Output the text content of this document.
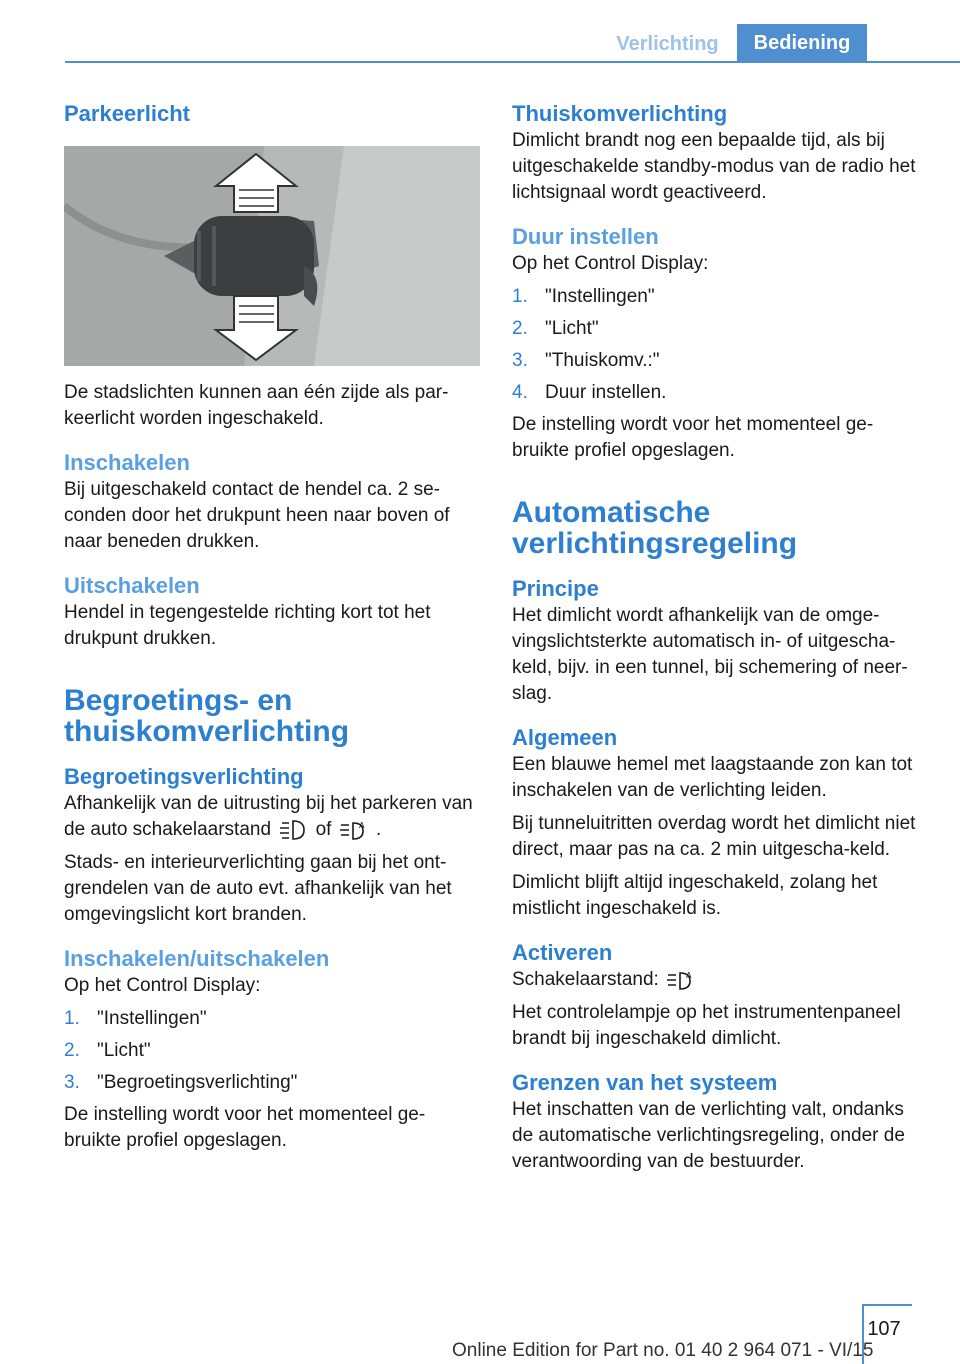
Verlichting	Bediening
Parkeerlicht

De stadslichten kunnen aan één zijde als par-keerlicht worden ingeschakeld.

Inschakelen

Bij uitgeschakeld contact de hendel ca. 2 se-conden door het drukpunt heen naar boven of naar beneden drukken.

Uitschakelen

Hendel in tegengestelde richting kort tot het drukpunt drukken.

Begroetings- en thuiskomverlichting
Begroetingsverlichting

Afhankelijk van de uitrusting bij het parkeren van de auto schakelaarstand of	A .

Stads- en interieurverlichting gaan bij het ont-grendelen van de auto evt. afhankelijk van het omgevingslicht kort branden.

Inschakelen/uitschakelen

Op het Control Display:

1. "Instellingen"
2. "Licht"
3. "Begroetingsverlichting"

De instelling wordt voor het momenteel ge-bruikte profiel opgeslagen.

Thuiskomverlichting

Dimlicht brandt nog een bepaalde tijd, als bij uitgeschakelde standby-modus van de radio het lichtsignaal wordt geactiveerd.

Duur instellen

Op het Control Display:

1. "Instellingen"
2. "Licht"
3. "Thuiskomv.:"
4. Duur instellen.

De instelling wordt voor het momenteel ge-bruikte profiel opgeslagen.

Automatische verlichtingsregeling
Principe

Het dimlicht wordt afhankelijk van de omge-vingslichtsterkte automatisch in- of uitgescha-keld, bijv. in een tunnel, bij schemering of neer-slag.

Algemeen

Een blauwe hemel met laagstaande zon kan tot inschakelen van de verlichting leiden.

Bij tunneluitritten overdag wordt het dimlicht niet direct, maar pas na ca. 2 min uitgescha-keld.

Dimlicht blijft altijd ingeschakeld, zolang het mistlicht ingeschakeld is.

Activeren

Schakelaarstand:	A

Het controlelampje op het instrumentenpaneel brandt bij ingeschakeld dimlicht.

Grenzen van het systeem

Het inschatten van de verlichting valt, ondanks de automatische verlichtingsregeling, onder de verantwoording van de bestuurder.

107
Online Edition for Part no. 01 40 2 964 071 - VI/15
